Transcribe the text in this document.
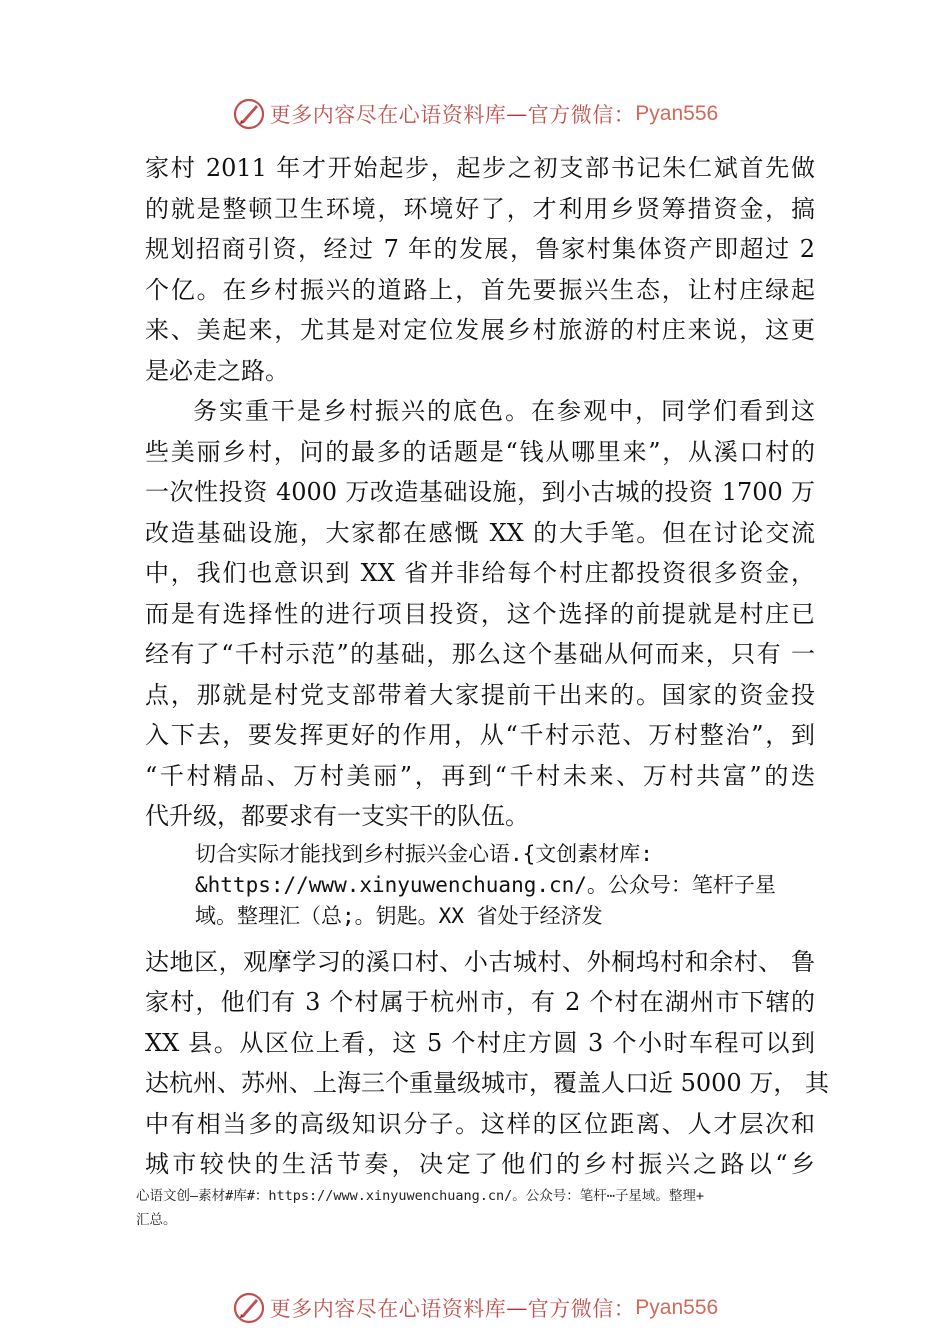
更多内容尽在心语资料库 — 官方微信： Pyan556
家村 2011 年才开始起步，起步之初支部书记朱仁斌首先做
的就是整顿卫生环境，环境好了，才利用乡贤筹措资金，搞
规划招商引资，经过 7 年的发展，鲁家村集体资产即超过 2
个亿。在乡村振兴的道路上，首先要振兴生态，让村庄绿起
来、美起来，尤其是对定位发展乡村旅游的村庄来说，这更
是必走之路。
务实重干是乡村振兴的底色。在参观中，同学们看到这
些美丽乡村，问的最多的话题是“钱从哪里来”，从溪口村的
一次性投资 4000 万改造基础设施，到小古城的投资 1700 万
改造基础设施，大家都在感慨 XX 的大手笔。但在讨论交流
中，我们也意识到 XX 省并非给每个村庄都投资很多资金，
而是有选择性的进行项目投资，这个选择的前提就是村庄已
经有了“千村示范”的基础，那么这个基础从何而来，只有 一
点，那就是村党支部带着大家提前干出来的。国家的资金投
入下去，要发挥更好的作用，从“千村示范、万村整治”，到
“千村精品、万村美丽”，再到“千村未来、万村共富”的迭
代升级，都要求有一支实干的队伍。
切合实际才能找到乡村振兴金心语.{文创素材库:
&https://www.xinyuwenchuang.cn/。公众号：笔杆子星
域。整理汇（总;。钥匙。XX 省处于经济发
达地区，观摩学习的溪口村、小古城村、外桐坞村和余村、 鲁
家村，他们有 3 个村属于杭州市，有 2 个村在湖州市下辖的
XX 县。从区位上看，这 5 个村庄方圆 3 个小时车程可以到
达杭州、苏州、上海三个重量级城市，覆盖人口近 5000 万， 其
中有相当多的高级知识分子。这样的区位距离、人才层次和
城市较快的生活节奏，决定了他们的乡村振兴之路以“乡
心语文创—素材#库#：https://www.xinyuwenchuang.cn/。公众号：笔杆⋯子星域。整理+
汇总。
更多内容尽在心语资料库 — 官方微信： Pyan556
